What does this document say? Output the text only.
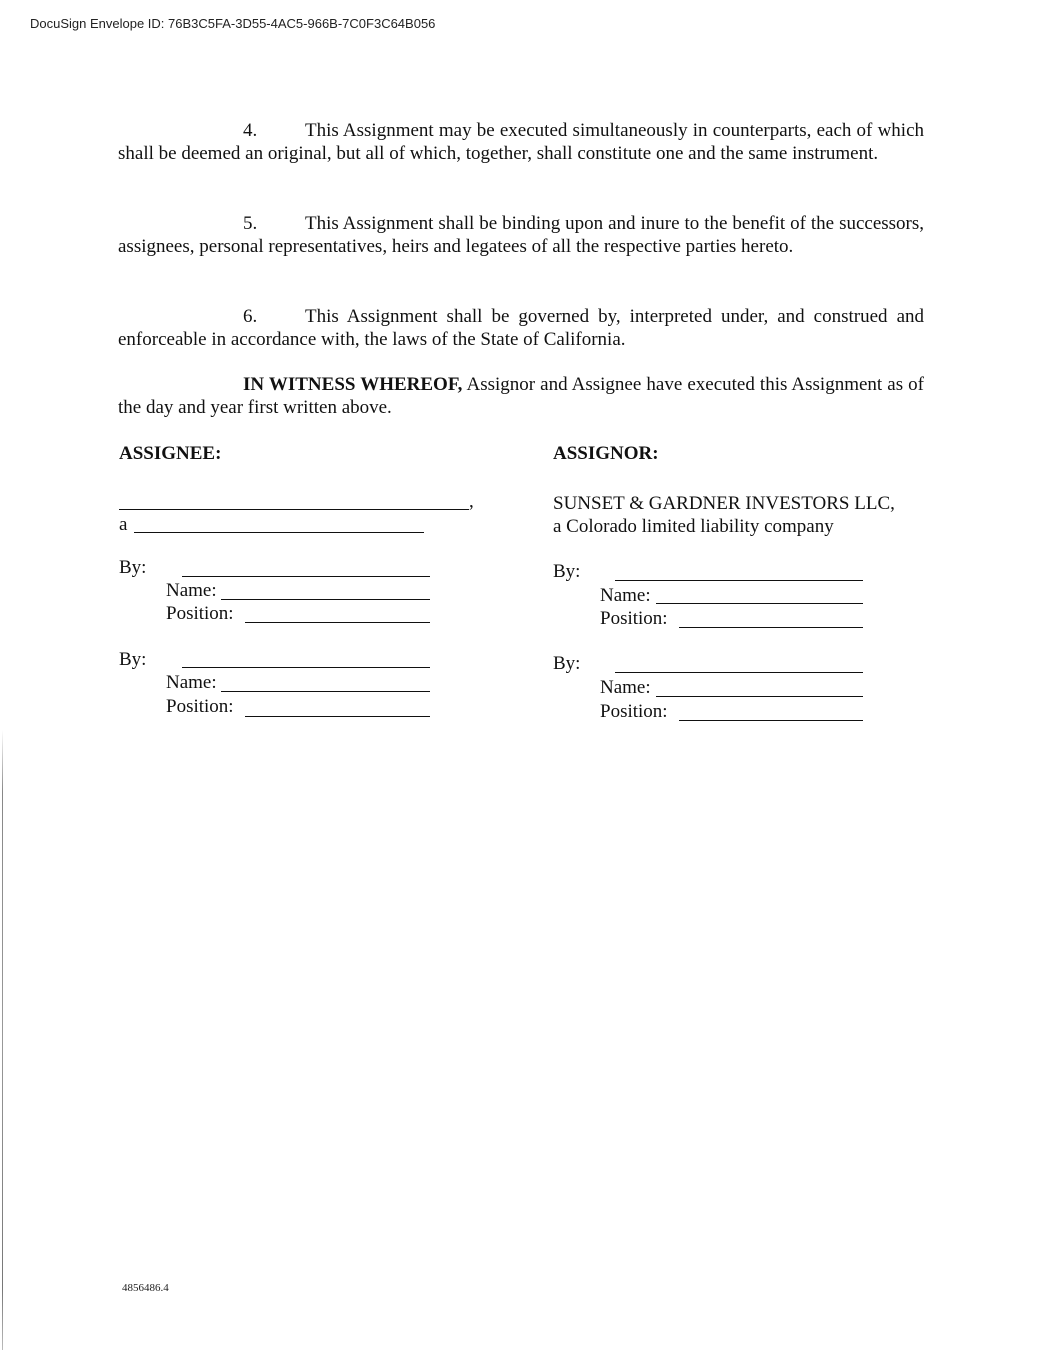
DocuSign Envelope ID: 76B3C5FA-3D55-4AC5-966B-7C0F3C64B056

4.	This Assignment may be executed simultaneously in counterparts, each of which shall be deemed an original, but all of which, together, shall constitute one and the same instrument.

5.	This Assignment shall be binding upon and inure to the benefit of the successors, assignees, personal representatives, heirs and legatees of all the respective parties hereto.

6.	This Assignment shall be governed by, interpreted under, and construed and enforceable in accordance with, the laws of the State of California.

IN WITNESS WHEREOF, Assignor and Assignee have executed this Assignment as of the day and year first written above.

ASSIGNEE:
,
a
By:
Name:
Position:
By:
Name:
Position:
ASSIGNOR:
SUNSET & GARDNER INVESTORS LLC,
a Colorado limited liability company
By:
Name:
Position:
By:
Name:
Position:
4856486.4
